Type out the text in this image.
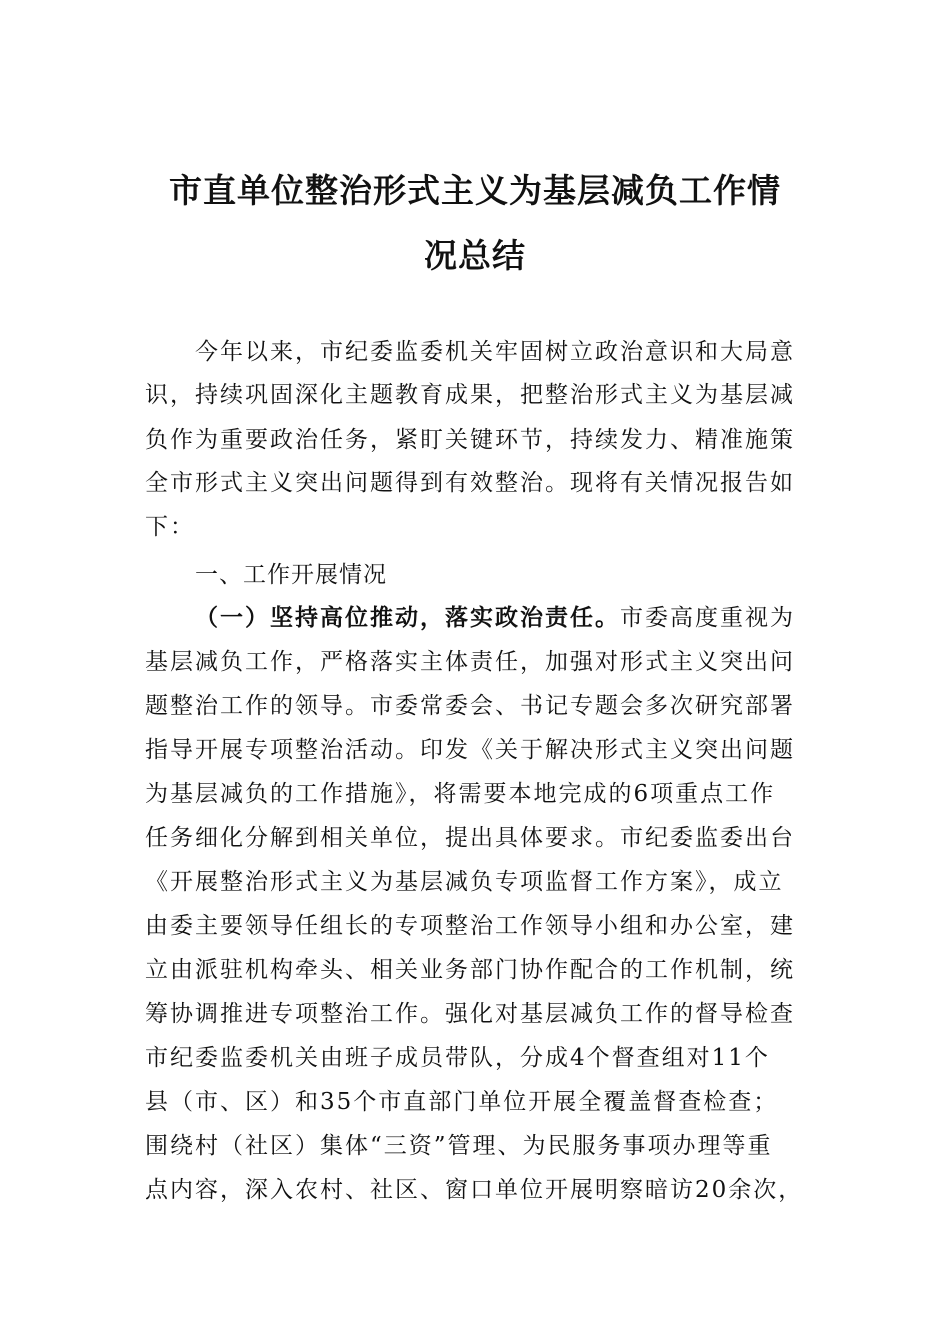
市直单位整治形式主义为基层减负工作情
况总结
今年以来，市纪委监委机关牢固树立政治意识和大局意
识，持续巩固深化主题教育成果，把整治形式主义为基层减
负作为重要政治任务，紧盯关键环节，持续发力、精准施策
全市形式主义突出问题得到有效整治。现将有关情况报告如
下：
一、工作开展情况
（一）坚持高位推动，落实政治责任。市委高度重视为
基层减负工作，严格落实主体责任，加强对形式主义突出问
题整治工作的领导。市委常委会、书记专题会多次研究部署
指导开展专项整治活动。印发《关于解决形式主义突出问题
为基层减负的工作措施》，将需要本地完成的6项重点工作
任务细化分解到相关单位，提出具体要求。市纪委监委出台
《开展整治形式主义为基层减负专项监督工作方案》，成立
由委主要领导任组长的专项整治工作领导小组和办公室，建
立由派驻机构牵头、相关业务部门协作配合的工作机制，统
筹协调推进专项整治工作。强化对基层减负工作的督导检查
市纪委监委机关由班子成员带队，分成4个督查组对11个
县（市、区）和35个市直部门单位开展全覆盖督查检查；
围绕村（社区）集体“三资”管理、为民服务事项办理等重
点内容，深入农村、社区、窗口单位开展明察暗访20余次，
